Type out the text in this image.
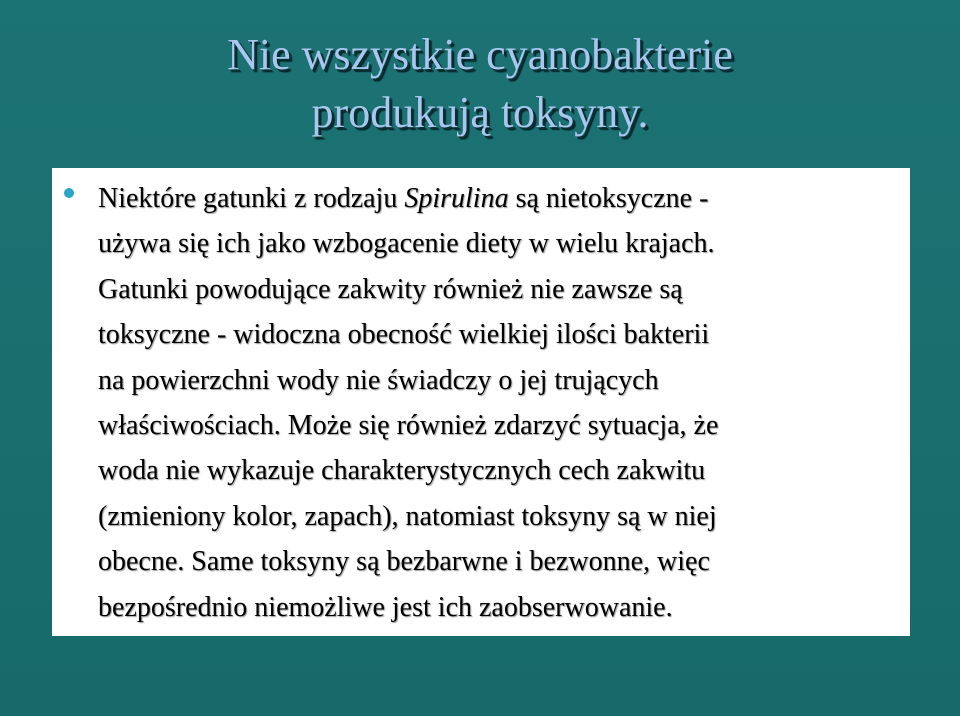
Nie wszystkie cyanobakterie
produkują toksyny.

Niektóre gatunki z rodzaju Spirulina są nietoksyczne -
używa się ich jako wzbogacenie diety w wielu krajach.
Gatunki powodujące zakwity również nie zawsze są
toksyczne - widoczna obecność wielkiej ilości bakterii
na powierzchni wody nie świadczy o jej trujących
właściwościach. Może się również zdarzyć sytuacja, że
woda nie wykazuje charakterystycznych cech zakwitu
(zmieniony kolor, zapach), natomiast toksyny są w niej
obecne. Same toksyny są bezbarwne i bezwonne, więc
bezpośrednio niemożliwe jest ich zaobserwowanie.
